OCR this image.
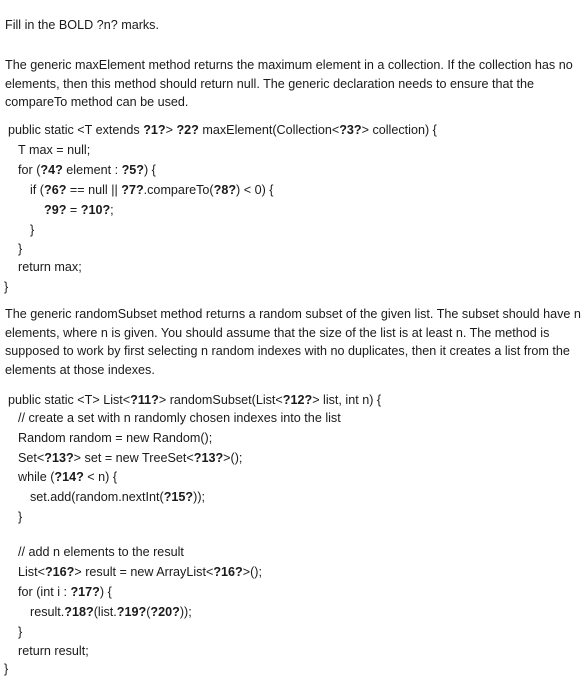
Fill in the BOLD ?n? marks.
The generic maxElement method returns the maximum element in a collection. If the collection has no
elements, then this method should return null. The generic declaration needs to ensure that the
compareTo method can be used.
public static <T extends ?1?> ?2? maxElement(Collection<?3?> collection) {
T max = null;
for (?4? element : ?5?) {
if (?6? == null || ?7?.compareTo(?8?) < 0) {
?9? = ?10?;
}
}
return max;
}
The generic randomSubset method returns a random subset of the given list. The subset should have n
elements, where n is given. You should assume that the size of the list is at least n. The method is
supposed to work by first selecting n random indexes with no duplicates, then it creates a list from the
elements at those indexes.
public static <T> List<?11?> randomSubset(List<?12?> list, int n) {
// create a set with n randomly chosen indexes into the list
Random random = new Random();
Set<?13?> set = new TreeSet<?13?>();
while (?14? < n) {
set.add(random.nextInt(?15?));
}
// add n elements to the result
List<?16?> result = new ArrayList<?16?>();
for (int i : ?17?) {
result.?18?(list.?19?(?20?));
}
return result;
}
